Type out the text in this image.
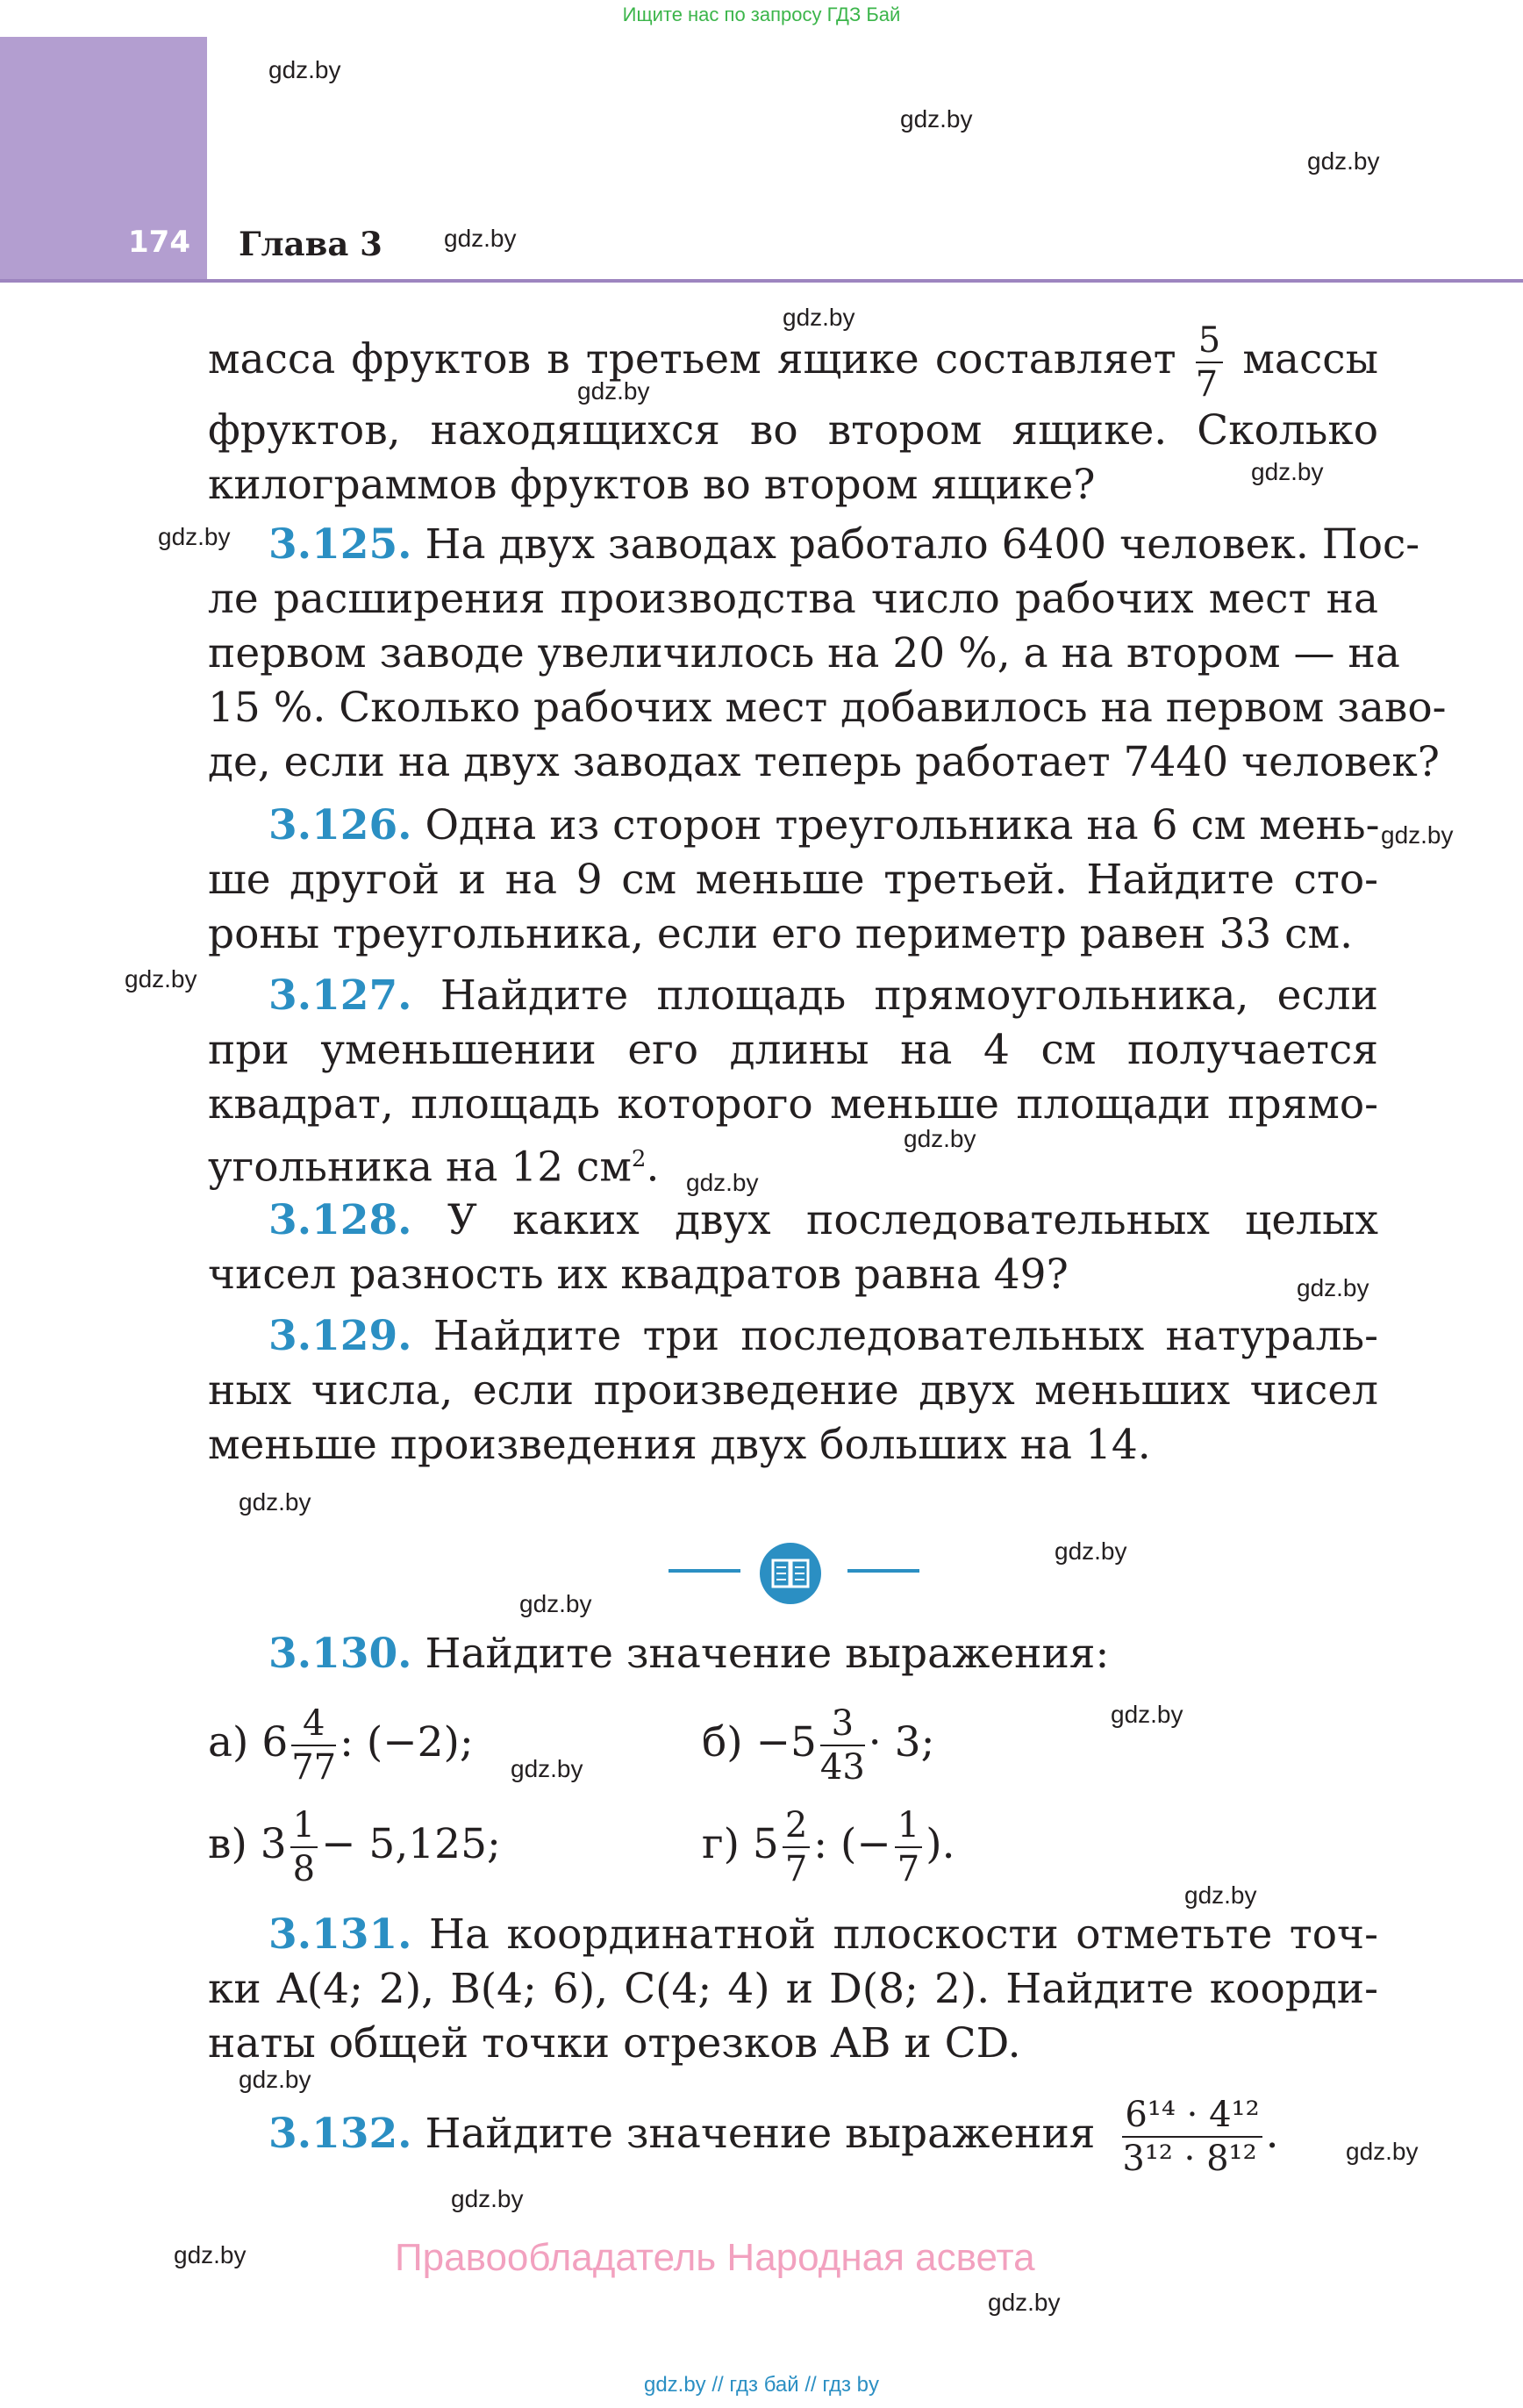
Ищите нас по запросу ГДЗ Бай
174 Глава 3
gdz.by
gdz.by
gdz.by
gdz.by
gdz.by
gdz.by
gdz.by
gdz.by
gdz.by
gdz.by
gdz.by
gdz.by
gdz.by
gdz.by
gdz.by
gdz.by
gdz.by
gdz.by
gdz.by
gdz.by
gdz.by
gdz.by
gdz.by
gdz.by
масса фруктов в третьем ящике составляет $\frac{5}{7}$ массы
фруктов, находящихся во втором ящике. Сколько
килограммов фруктов во втором ящике?
3.125. На двух заводах работало 6400 человек. Пос-
ле расширения производства число рабочих мест на
первом заводе увеличилось на 20 %, а на втором — на
15 %. Сколько рабочих мест добавилось на первом заво-
де, если на двух заводах теперь работает 7440 человек?
3.126. Одна из сторон треугольника на 6 см мень-
ше другой и на 9 см меньше третьей. Найдите сто-
роны треугольника, если его периметр равен 33 см.
3.127. Найдите площадь прямоугольника, если
при уменьшении его длины на 4 см получается
квадрат, площадь которого меньше площади прямо-
угольника на 12 $см^2$.
3.128. У каких двух последовательных целых
чисел разность их квадратов равна 49?
3.129. Найдите три последовательных натураль-
ных числа, если произведение двух меньших чисел
меньше произведения двух больших на 14.
3.130. Найдите значение выражения:
а) $6 \frac{4}{77}$ : (−2);	$б) -5 \frac{3}{43} \cdot 3$;
в) $3 \frac{1}{8} - 5,125$;	г) $5 \frac{2}{7}$ : (− $\frac{1}{7}$ ).
3.131. На координатной плоскости отметьте точ-
ки A(4; 2), B(4; 6), C(4; 4) и D(8; 2). Найдите коорди-
наты общей точки отрезков AB и CD.
3.132. Найдите значение выражения $\frac{\text{6¹⁴ · 4¹²}}{\text{3¹² · 8¹²}}$ .
Правообладатель Народная асвета
gdz.by // гдз бай // гдз by
